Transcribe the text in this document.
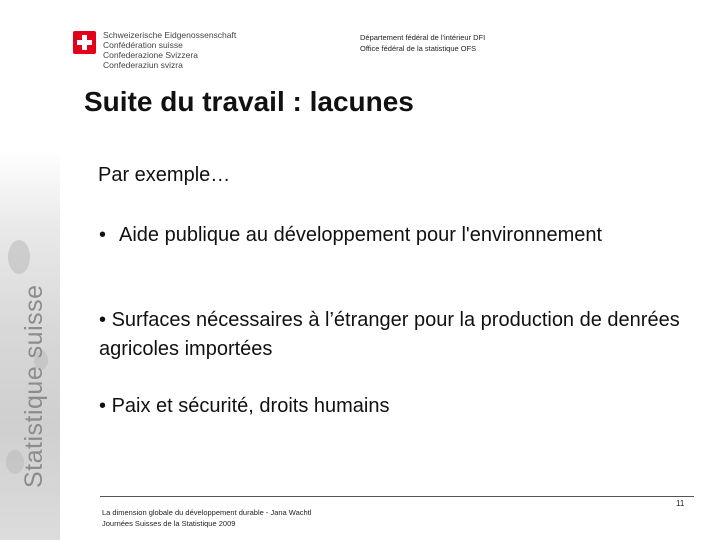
Statistique suisse
Schweizerische Eidgenossenschaft
Confédération suisse
Confederazione Svizzera
Confederaziun svizra
Département fédéral de l'intérieur DFI
Office fédéral de la statistique OFS
Suite du travail : lacunes
Par exemple…
• Aide publique au développement pour l'environnement
• Surfaces nécessaires à l’étranger pour la production de denrées agricoles importées
• Paix et sécurité, droits humains
La dimension globale du développement durable - Jana Wachtl
Journées Suisses de la Statistique 2009
11
